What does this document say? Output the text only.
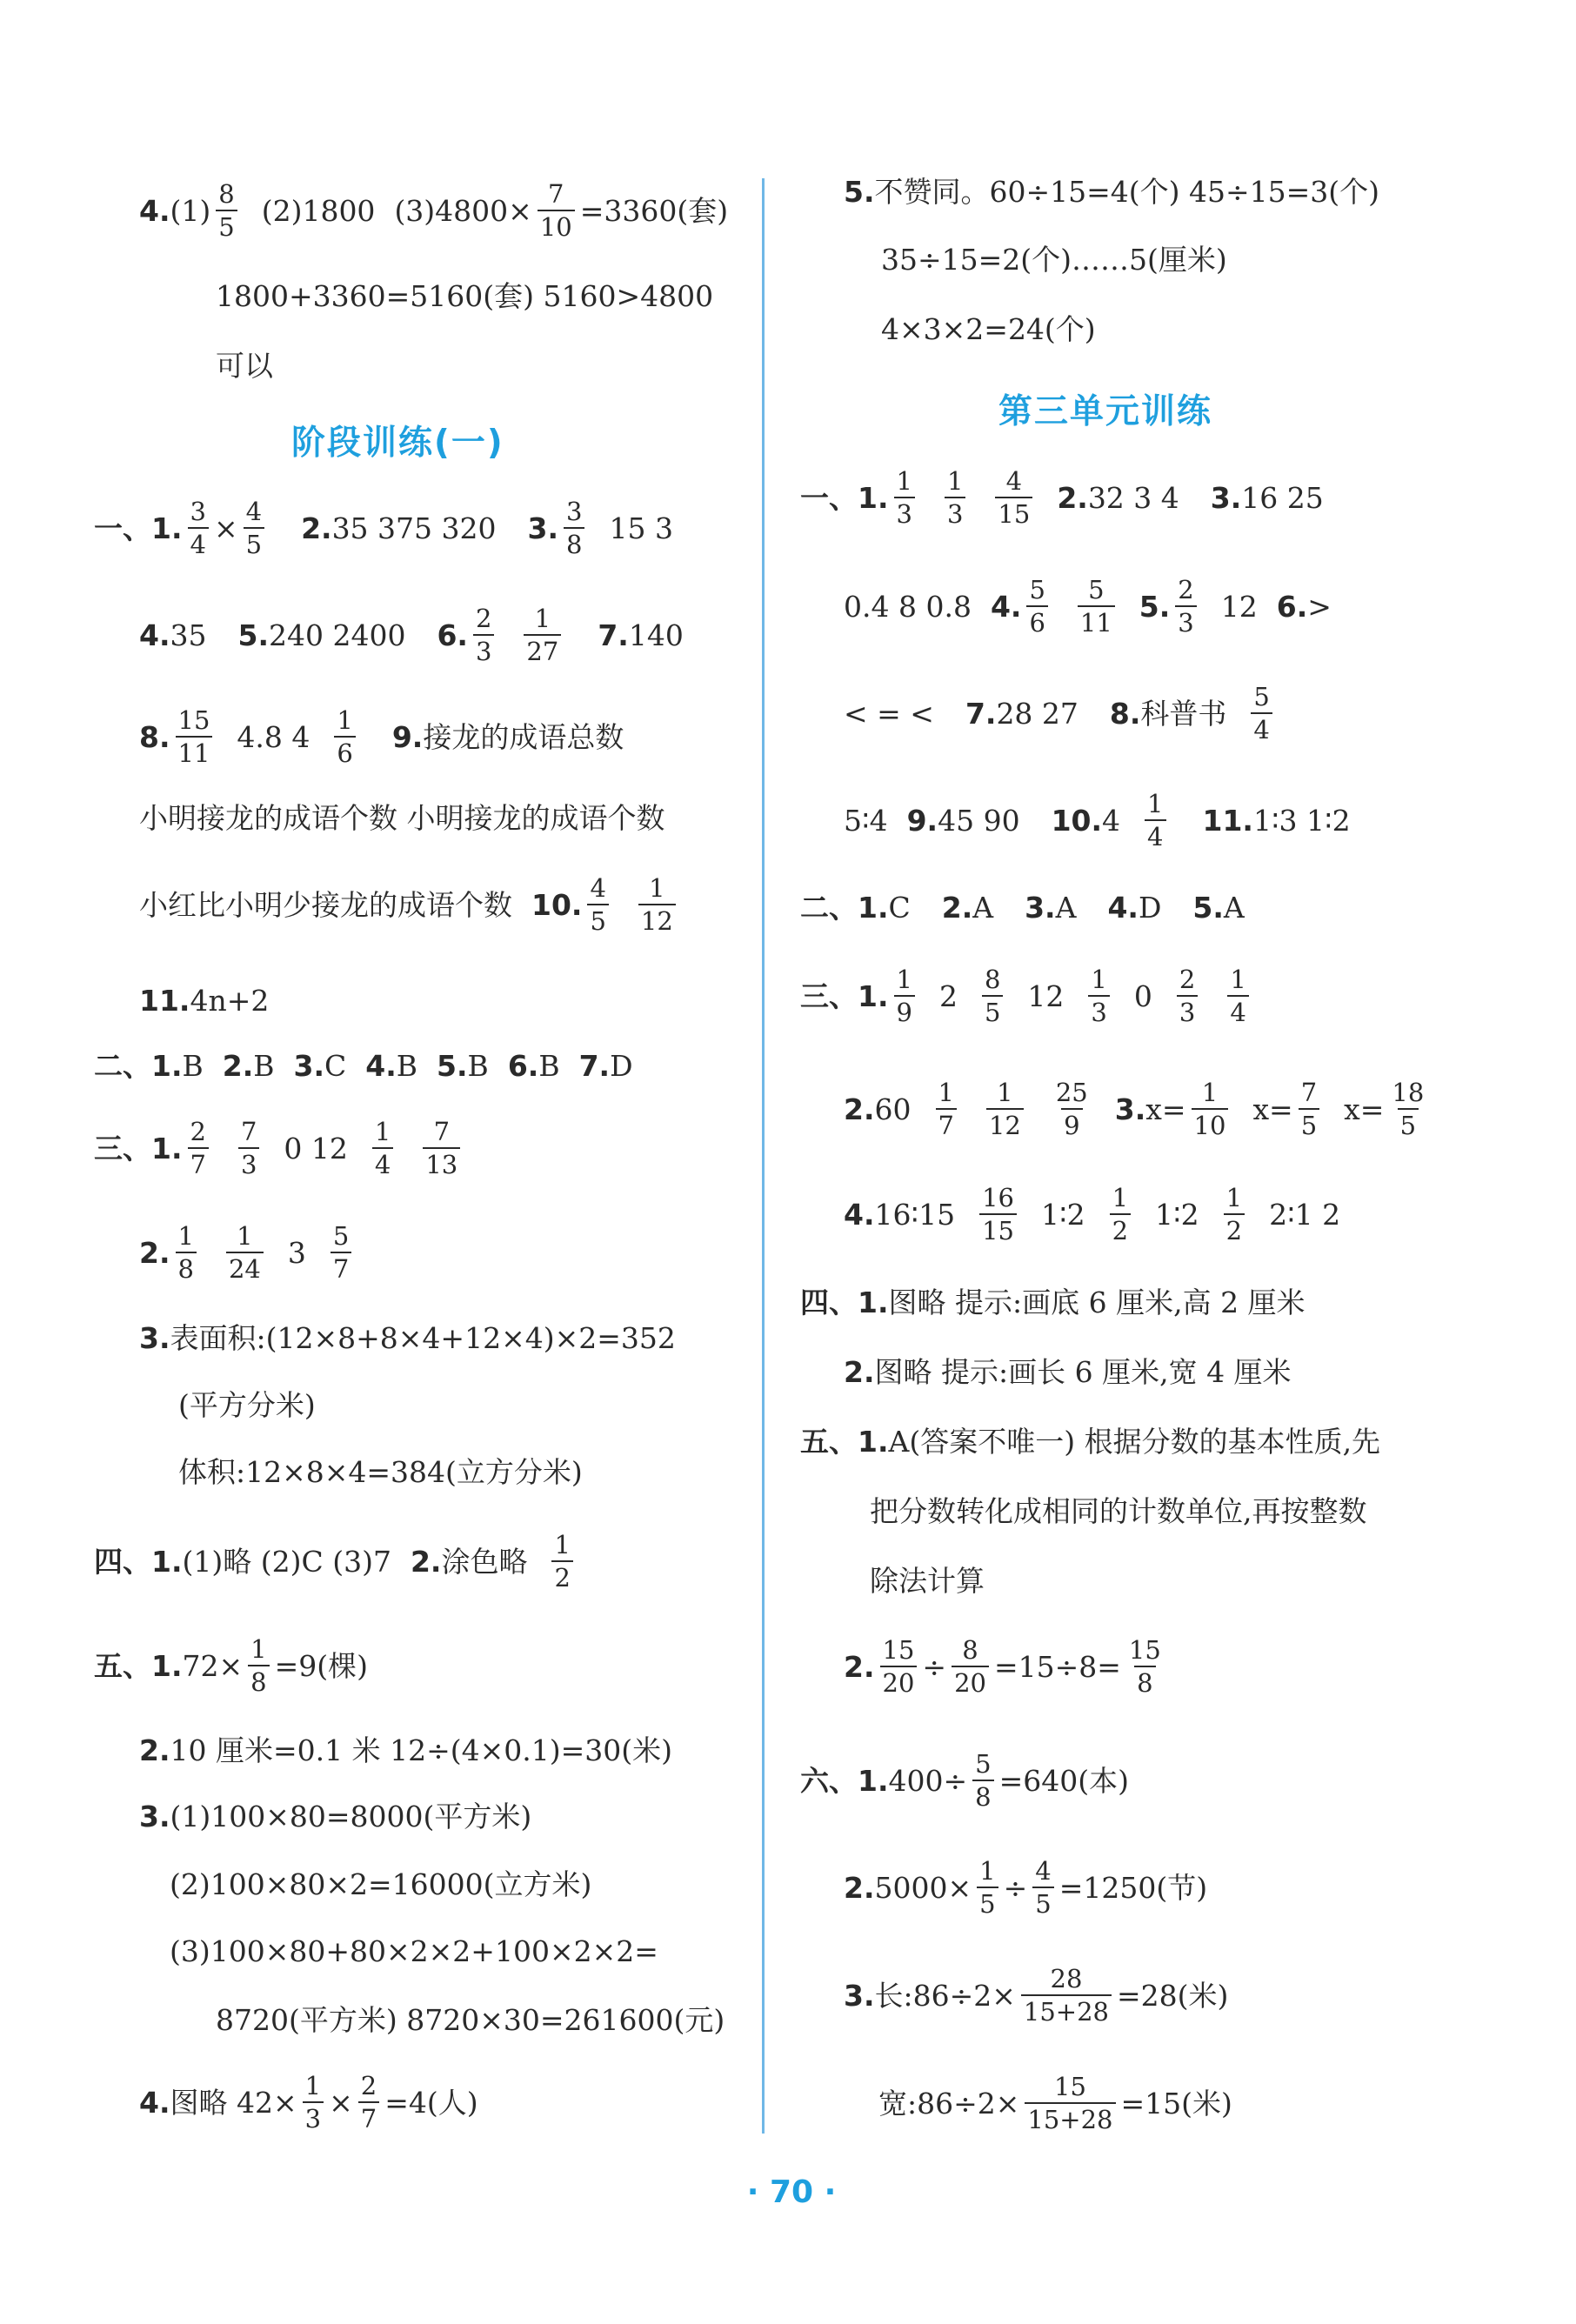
4. $(1) \frac{8}{5} (2)1800$ $(3)4800\times \frac{7}{10} =3360$(套)
1800+3360=5160(套) 5160>4800
可以
阶段训练(一)
一、 1. $\frac{3}{4} \times \frac{4}{5} 2$. 35 375 320 3. $\frac{3}{8} 15$ 3
4. 35 5. 240 2400 6. $\frac{2}{3} \frac{1}{27} 7$. 140
8. $\frac{15}{11} 4.8$ $4 \frac{1}{6} 9$. 接龙的成语总数
小明接龙的成语个数 小明接龙的成语个数
小红比小明少接龙的成语个数 10. $\frac{4}{5} \frac{1}{12}$
11. 4n+2
二、 1. B 2. B 3. C 4. B 5. B 6. B 7. D
三、 1. $\frac{2}{7} \frac{7}{3} 0$ $12 \frac{1}{4} \frac{7}{13}$
2. $\frac{1}{8} \frac{1}{24} 3 \frac{5}{7}$
3. 表面积:(12×8+8×4+12×4)×2=352
(平方分米)
体积:12×8×4=384(立方分米)
四、 1. (1)略 (2)C (3)7 2. 涂色略 $\frac{1}{2}$
五、 1. $72\times \frac{1}{8} =9$(棵)
2. 10 厘米=0.1 米 12÷(4×0.1)=30(米)
3. (1)100×80=8000(平方米)
(2)100×80×2=16000(立方米)
(3)100×80+80×2×2+100×2×2=
8720(平方米) 8720×30=261600(元)
4. 图略 $42\times \frac{1}{3} \times \frac{2}{7} =4$(人)
5. 不赞同。60÷15=4(个) 45÷15=3(个)
35÷15=2(个)……5(厘米)
4×3×2=24(个)
第三单元训练
一、 1. $\frac{1}{3} \frac{1}{3} \frac{4}{15} 2$. 32 3 4 3. 16 25
0.4 8 0.8 4. $\frac{5}{6} \frac{5}{11} 5$. $\frac{2}{3} 12$ 6. >
< = < 7. 28 27 8. 科普书 $\frac{5}{4}$
5∶4 9. 45 90 10. $4 \frac{1}{4} 11$. 1∶3 1∶2
二、 1. C 2. A 3. A 4. D 5. A
三、 1. $\frac{1}{9} 2 \frac{8}{5} 12 \frac{1}{3} 0 \frac{2}{3} \frac{1}{4}$
2. $60 \frac{1}{7} \frac{1}{12} \frac{25}{9} 3$. $x= \frac{1}{10} x= \frac{7}{5} x= \frac{18}{5}$
4. 16∶15 $\frac{16}{15}$ 1∶2 $\frac{1}{2}$ 1∶2 $\frac{1}{2}$ 2∶1 2
四、 1. 图略 提示:画底 6 厘米,高 2 厘米
2. 图略 提示:画长 6 厘米,宽 4 厘米
五、 1. A(答案不唯一) 根据分数的基本性质,先
把分数转化成相同的计数单位,再按整数
除法计算
2. $\frac{15}{20} \div \frac{8}{20} =15\div 8= \frac{15}{8}$
六、 1. $400\div \frac{5}{8} =640$(本)
2. $5000\times \frac{1}{5} \div \frac{4}{5} =1250$(节)
3. 长:86÷2× $\frac{28}{15+28} =28$(米)
宽:86÷2× $\frac{15}{15+28} =15$(米)
· 70 ·
